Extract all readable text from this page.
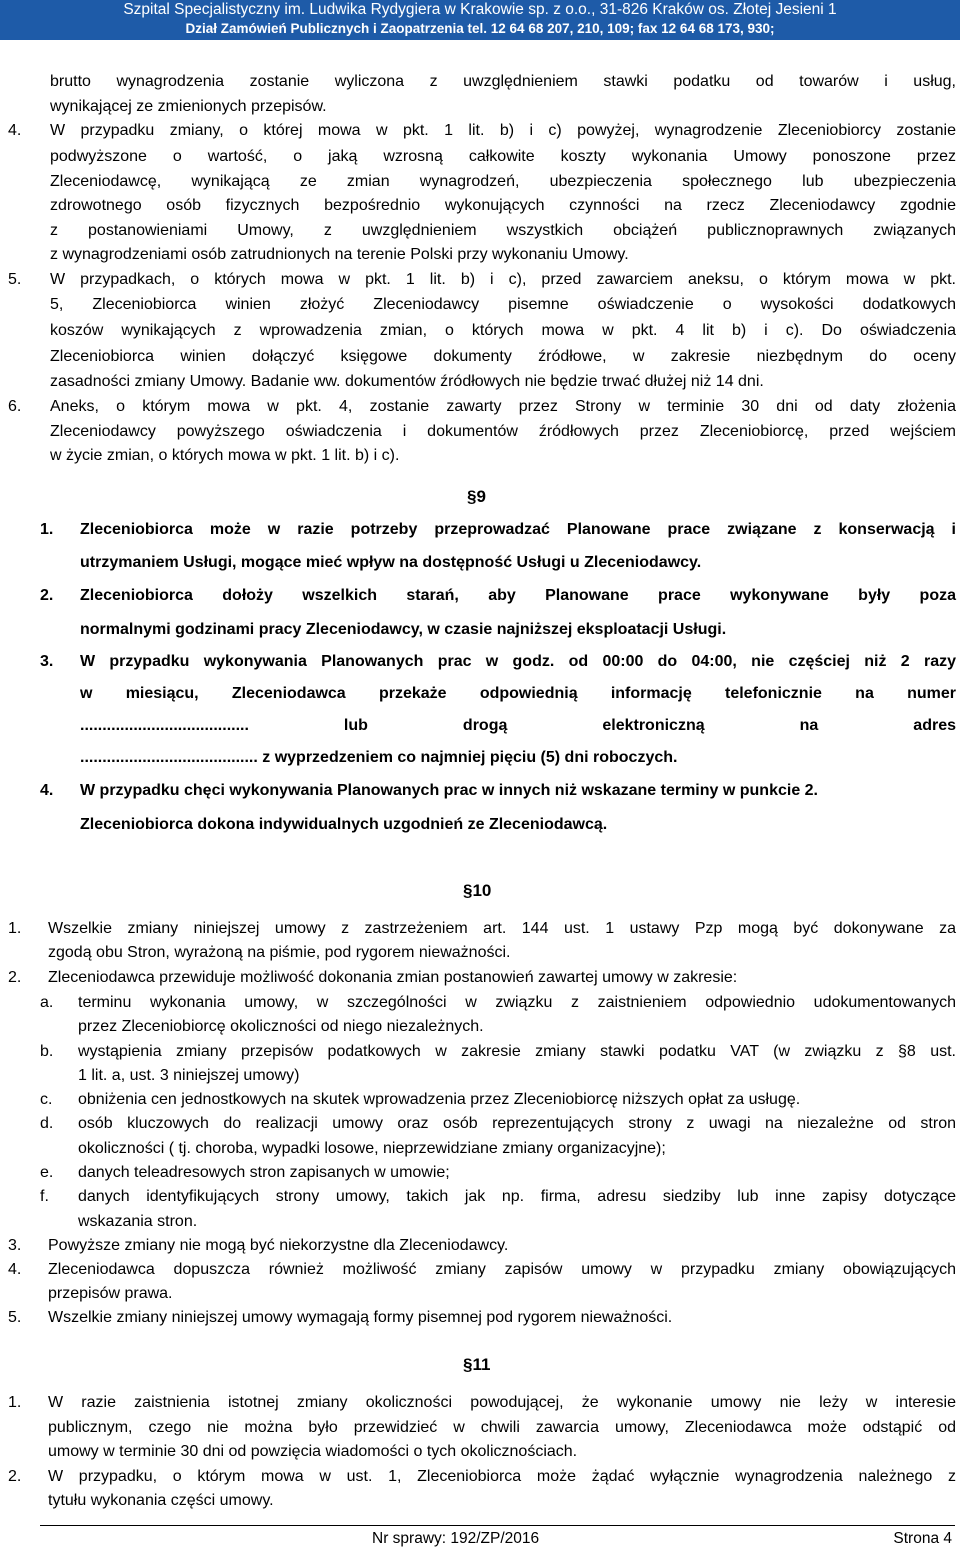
Szpital Specjalistyczny im. Ludwika Rydygiera w Krakowie sp. z o.o., 31-826 Kraków os. Złotej Jesieni 1
Dział Zamówień Publicznych i Zaopatrzenia tel. 12 64 68 207, 210, 109; fax 12 64 68 173, 930;
brutto wynagrodzenia zostanie wyliczona z uwzględnieniem stawki podatku od towarów i usług,
wynikającej ze zmienionych przepisów.
4. W przypadku zmiany, o której mowa w pkt. 1 lit. b) i c) powyżej, wynagrodzenie Zleceniobiorcy zostanie
podwyższone o wartość, o jaką wzrosną całkowite koszty wykonania Umowy ponoszone przez
Zleceniodawcę, wynikającą ze zmian wynagrodzeń, ubezpieczenia społecznego lub ubezpieczenia
zdrowotnego osób fizycznych bezpośrednio wykonujących czynności na rzecz Zleceniodawcy zgodnie
z postanowieniami Umowy, z uwzględnieniem wszystkich obciążeń publicznoprawnych związanych
z wynagrodzeniami osób zatrudnionych na terenie Polski przy wykonaniu Umowy.
5. W przypadkach, o których mowa w pkt. 1 lit. b) i c), przed zawarciem aneksu, o którym mowa w pkt.
5, Zleceniobiorca winien złożyć Zleceniodawcy pisemne oświadczenie o wysokości dodatkowych
koszów wynikających z wprowadzenia zmian, o których mowa w pkt. 4 lit b) i c). Do oświadczenia
Zleceniobiorca winien dołączyć księgowe dokumenty źródłowe, w zakresie niezbędnym do oceny
zasadności zmiany Umowy. Badanie ww. dokumentów źródłowych nie będzie trwać dłużej niż 14 dni.
6. Aneks, o którym mowa w pkt. 4, zostanie zawarty przez Strony w terminie 30 dni od daty złożenia
Zleceniodawcy powyższego oświadczenia i dokumentów źródłowych przez Zleceniobiorcę, przed wejściem
w życie zmian, o których mowa w pkt. 1 lit. b) i c).
§9
1. Zleceniobiorca może w razie potrzeby przeprowadzać Planowane prace związane z konserwacją i
utrzymaniem Usługi, mogące mieć wpływ na dostępność Usługi u Zleceniodawcy.
2. Zleceniobiorca dołoży wszelkich starań, aby Planowane prace wykonywane były poza
normalnymi godzinami pracy Zleceniodawcy, w czasie najniższej eksploatacji Usługi.
3. W przypadku wykonywania Planowanych prac w godz. od 00:00 do 04:00, nie częściej niż 2 razy
w miesiącu, Zleceniodawca przekaże odpowiednią informację telefonicznie na numer
...................................... lub drogą elektroniczną na adres
........................................ z wyprzedzeniem co najmniej pięciu (5) dni roboczych.
4. W przypadku chęci wykonywania Planowanych prac w innych niż wskazane terminy w punkcie 2.
Zleceniobiorca dokona indywidualnych uzgodnień ze Zleceniodawcą.
§10
1. Wszelkie zmiany niniejszej umowy z zastrzeżeniem art. 144 ust. 1 ustawy Pzp mogą być dokonywane za
zgodą obu Stron, wyrażoną na piśmie, pod rygorem nieważności.
2. Zleceniodawca przewiduje możliwość dokonania zmian postanowień zawartej umowy w zakresie:
a. terminu wykonania umowy, w szczególności w związku z zaistnieniem odpowiednio udokumentowanych
przez Zleceniobiorcę okoliczności od niego niezależnych.
b. wystąpienia zmiany przepisów podatkowych w zakresie zmiany stawki podatku VAT (w związku z §8 ust.
1 lit. a, ust. 3 niniejszej umowy)
c. obniżenia cen jednostkowych na skutek wprowadzenia przez Zleceniobiorcę niższych opłat za usługę.
d. osób kluczowych do realizacji umowy oraz osób reprezentujących strony z uwagi na niezależne od stron
okoliczności ( tj. choroba, wypadki losowe, nieprzewidziane zmiany organizacyjne);
e. danych teleadresowych stron zapisanych w umowie;
f. danych identyfikujących strony umowy, takich jak np. firma, adresu siedziby lub inne zapisy dotyczące
wskazania stron.
3. Powyższe zmiany nie mogą być niekorzystne dla Zleceniodawcy.
4. Zleceniodawca dopuszcza również możliwość zmiany zapisów umowy w przypadku zmiany obowiązujących
przepisów prawa.
5. Wszelkie zmiany niniejszej umowy wymagają formy pisemnej pod rygorem nieważności.
§11
1. W razie zaistnienia istotnej zmiany okoliczności powodującej, że wykonanie umowy nie leży w interesie
publicznym, czego nie można było przewidzieć w chwili zawarcia umowy, Zleceniodawca może odstąpić od
umowy w terminie 30 dni od powzięcia wiadomości o tych okolicznościach.
2. W przypadku, o którym mowa w ust. 1, Zleceniobiorca może żądać wyłącznie wynagrodzenia należnego z
tytułu wykonania części umowy.
Nr sprawy: 192/ZP/2016	Strona 4
